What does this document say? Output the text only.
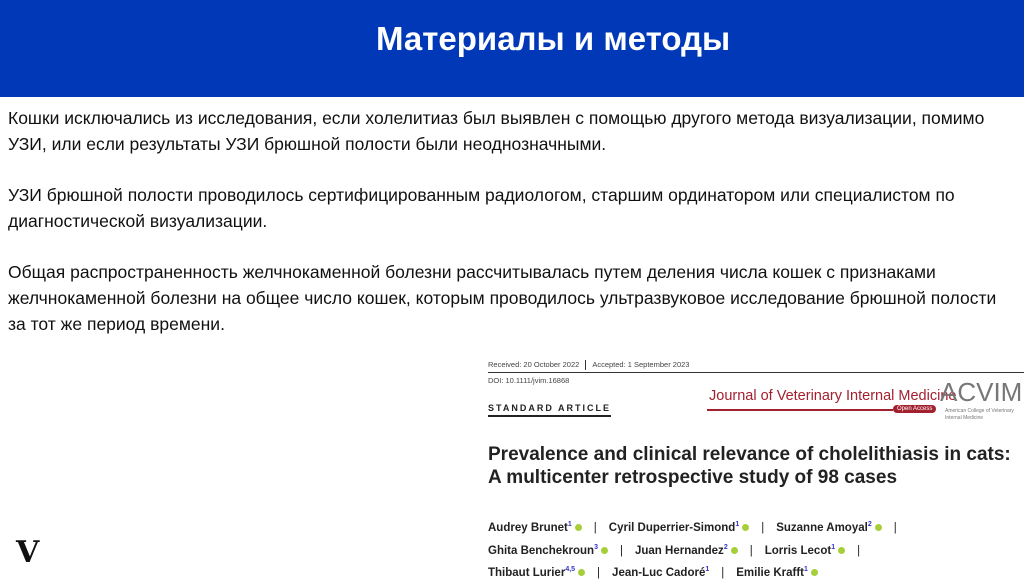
Материалы и методы

Кошки исключались из исследования, если холелитиаз был выявлен с помощью другого метода визуализации, помимо УЗИ, или если результаты УЗИ брюшной полости были неоднозначными.

УЗИ брюшной полости проводилось сертифицированным радиологом, старшим ординатором или специалистом по диагностической визуализации.

Общая распространенность желчнокаменной болезни рассчитывалась путем деления числа кошек с признаками желчнокаменной болезни на общее число кошек, которым проводилось ультразвуковое исследование брюшной полости за тот же период времени.

V
Received: 20 October 2022 Accepted: 1 September 2023
DOI: 10.1111/jvim.16868
STANDARD ARTICLE
Journal of Veterinary Internal Medicine
Open Access
ACVIM
American College of Veterinary Internal Medicine
Prevalence and clinical relevance of cholelithiasis in cats:
A multicenter retrospective study of 98 cases
Audrey Brunet$^1$ | Cyril Duperrier-Simond$^1$ | Suzanne Amoyal$^2$ |
Ghita Benchekroun$^3$ | Juan Hernandez$^2$ | Lorris Lecot$^1$ |
Thibaut Lurier$^{4,5}$ | Jean-Luc Cadoré$^1$ | Emilie Krafft$^1$
